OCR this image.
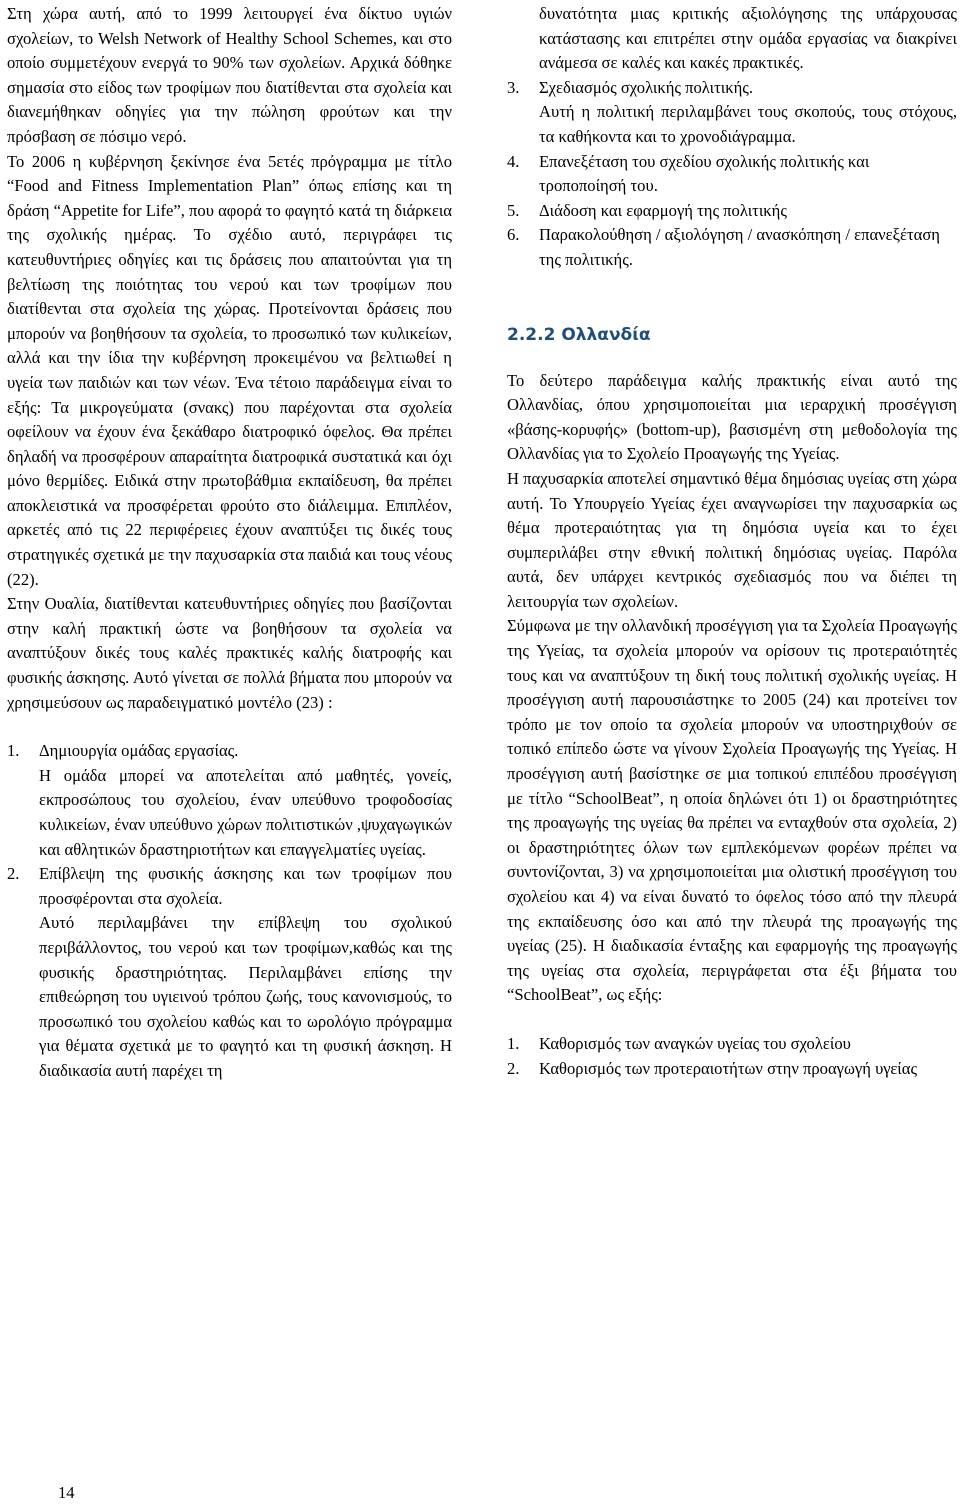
Στη χώρα αυτή, από το 1999 λειτουργεί ένα δίκτυο υγιών σχολείων, το Welsh Network of Healthy School Schemes, και στο οποίο συμμετέχουν ενεργά το 90% των σχολείων. Αρχικά δόθηκε σημασία στο είδος των τροφίμων που διατίθενται στα σχολεία και διανεμήθηκαν οδηγίες για την πώληση φρούτων και την πρόσβαση σε πόσιμο νερό.

Το 2006 η κυβέρνηση ξεκίνησε ένα 5ετές πρόγραμμα με τίτλο “Food and Fitness Implementation Plan” όπως επίσης και τη δράση “Appetite for Life”, που αφορά το φαγητό κατά τη διάρκεια της σχολικής ημέρας. Το σχέδιο αυτό, περιγράφει τις κατευθυντήριες οδηγίες και τις δράσεις που απαιτούνται για τη βελτίωση της ποιότητας του νερού και των τροφίμων που διατίθενται στα σχολεία της χώρας. Προτείνονται δράσεις που μπορούν να βοηθήσουν τα σχολεία, το προσωπικό των κυλικείων, αλλά και την ίδια την κυβέρνηση προκειμένου να βελτιωθεί η υγεία των παιδιών και των νέων. Ένα τέτοιο παράδειγμα είναι το εξής: Τα μικρογεύματα (σνακς) που παρέχονται στα σχολεία οφείλουν να έχουν ένα ξεκάθαρο διατροφικό όφελος. Θα πρέπει δηλαδή να προσφέρουν απαραίτητα διατροφικά συστατικά και όχι μόνο θερμίδες. Ειδικά στην πρωτοβάθμια εκπαίδευση, θα πρέπει αποκλειστικά να προσφέρεται φρούτο στο διάλειμμα. Επιπλέον, αρκετές από τις 22 περιφέρειες έχουν αναπτύξει τις δικές τους στρατηγικές σχετικά με την παχυσαρκία στα παιδιά και τους νέους (22).

Στην Ουαλία, διατίθενται κατευθυντήριες οδηγίες που βασίζονται στην καλή πρακτική ώστε να βοηθήσουν τα σχολεία να αναπτύξουν δικές τους καλές πρακτικές καλής διατροφής και φυσικής άσκησης. Αυτό γίνεται σε πολλά βήματα που μπορούν να χρησιμεύσουν ως παραδειγματικό μοντέλο (23) :

1.	Δημιουργία ομάδας εργασίας.

Η ομάδα μπορεί να αποτελείται από μαθητές, γονείς, εκπροσώπους του σχολείου, έναν υπεύθυνο τροφοδοσίας κυλικείων, έναν υπεύθυνο χώρων πολιτιστικών ,ψυχαγωγικών και αθλητικών δραστηριοτήτων και επαγγελματίες υγείας.

2.	Επίβλεψη της φυσικής άσκησης και των τροφίμων που προσφέρονται στα σχολεία.

Αυτό περιλαμβάνει την επίβλεψη του σχολικού περιβάλλοντος, του νερού και των τροφίμων,καθώς και της φυσικής δραστηριότητας. Περιλαμβάνει επίσης την επιθεώρηση του υγιεινού τρόπου ζωής, τους κανονισμούς, το προσωπικό του σχολείου καθώς και το ωρολόγιο πρόγραμμα για θέματα σχετικά με το φαγητό και τη φυσική άσκηση. Η διαδικασία αυτή παρέχει τη

δυνατότητα μιας κριτικής αξιολόγησης της υπάρχουσας κατάστασης και επιτρέπει στην ομάδα εργασίας να διακρίνει ανάμεσα σε καλές και κακές πρακτικές.

3.	Σχεδιασμός σχολικής πολιτικής.

Αυτή η πολιτική περιλαμβάνει τους σκοπούς, τους στόχους, τα καθήκοντα και το χρονοδιάγραμμα.

4.	Επανεξέταση του σχεδίου σχολικής πολιτικής και τροποποίησή του.

5.	Διάδοση και εφαρμογή της πολιτικής

6.	Παρακολούθηση / αξιολόγηση / ανασκόπηση / επανεξέταση της πολιτικής.

2.2.2 Ολλανδία

Το δεύτερο παράδειγμα καλής πρακτικής είναι αυτό της Ολλανδίας, όπου χρησιμοποιείται μια ιεραρχική προσέγγιση «βάσης-κορυφής» (bottom-up), βασισμένη στη μεθοδολογία της Ολλανδίας για το Σχολείο Προαγωγής της Υγείας.

Η παχυσαρκία αποτελεί σημαντικό θέμα δημόσιας υγείας στη χώρα αυτή. Το Υπουργείο Υγείας έχει αναγνωρίσει την παχυσαρκία ως θέμα προτεραιότητας για τη δημόσια υγεία και το έχει συμπεριλάβει στην εθνική πολιτική δημόσιας υγείας. Παρόλα αυτά, δεν υπάρχει κεντρικός σχεδιασμός που να διέπει τη λειτουργία των σχολείων.

Σύμφωνα με την ολλανδική προσέγγιση για τα Σχολεία Προαγωγής της Υγείας, τα σχολεία μπορούν να ορίσουν τις προτεραιότητές τους και να αναπτύξουν τη δική τους πολιτική σχολικής υγείας. Η προσέγγιση αυτή παρουσιάστηκε το 2005 (24) και προτείνει τον τρόπο με τον οποίο τα σχολεία μπορούν να υποστηριχθούν σε τοπικό επίπεδο ώστε να γίνουν Σχολεία Προαγωγής της Υγείας. Η προσέγγιση αυτή βασίστηκε σε μια τοπικού επιπέδου προσέγγιση με τίτλο “SchoolBeat”, η οποία δηλώνει ότι 1) οι δραστηριότητες της προαγωγής της υγείας θα πρέπει να ενταχθούν στα σχολεία, 2) οι δραστηριότητες όλων των εμπλεκόμενων φορέων πρέπει να συντονίζονται, 3) να χρησιμοποιείται μια ολιστική προσέγγιση του σχολείου και 4) να είναι δυνατό το όφελος τόσο από την πλευρά της εκπαίδευσης όσο και από την πλευρά της προαγωγής της υγείας (25). Η διαδικασία ένταξης και εφαρμογής της προαγωγής της υγείας στα σχολεία, περιγράφεται στα έξι βήματα του “SchoolBeat”, ως εξής:

1.	Καθορισμός των αναγκών υγείας του σχολείου

2.	Καθορισμός των προτεραιοτήτων στην προαγωγή υγείας

14
